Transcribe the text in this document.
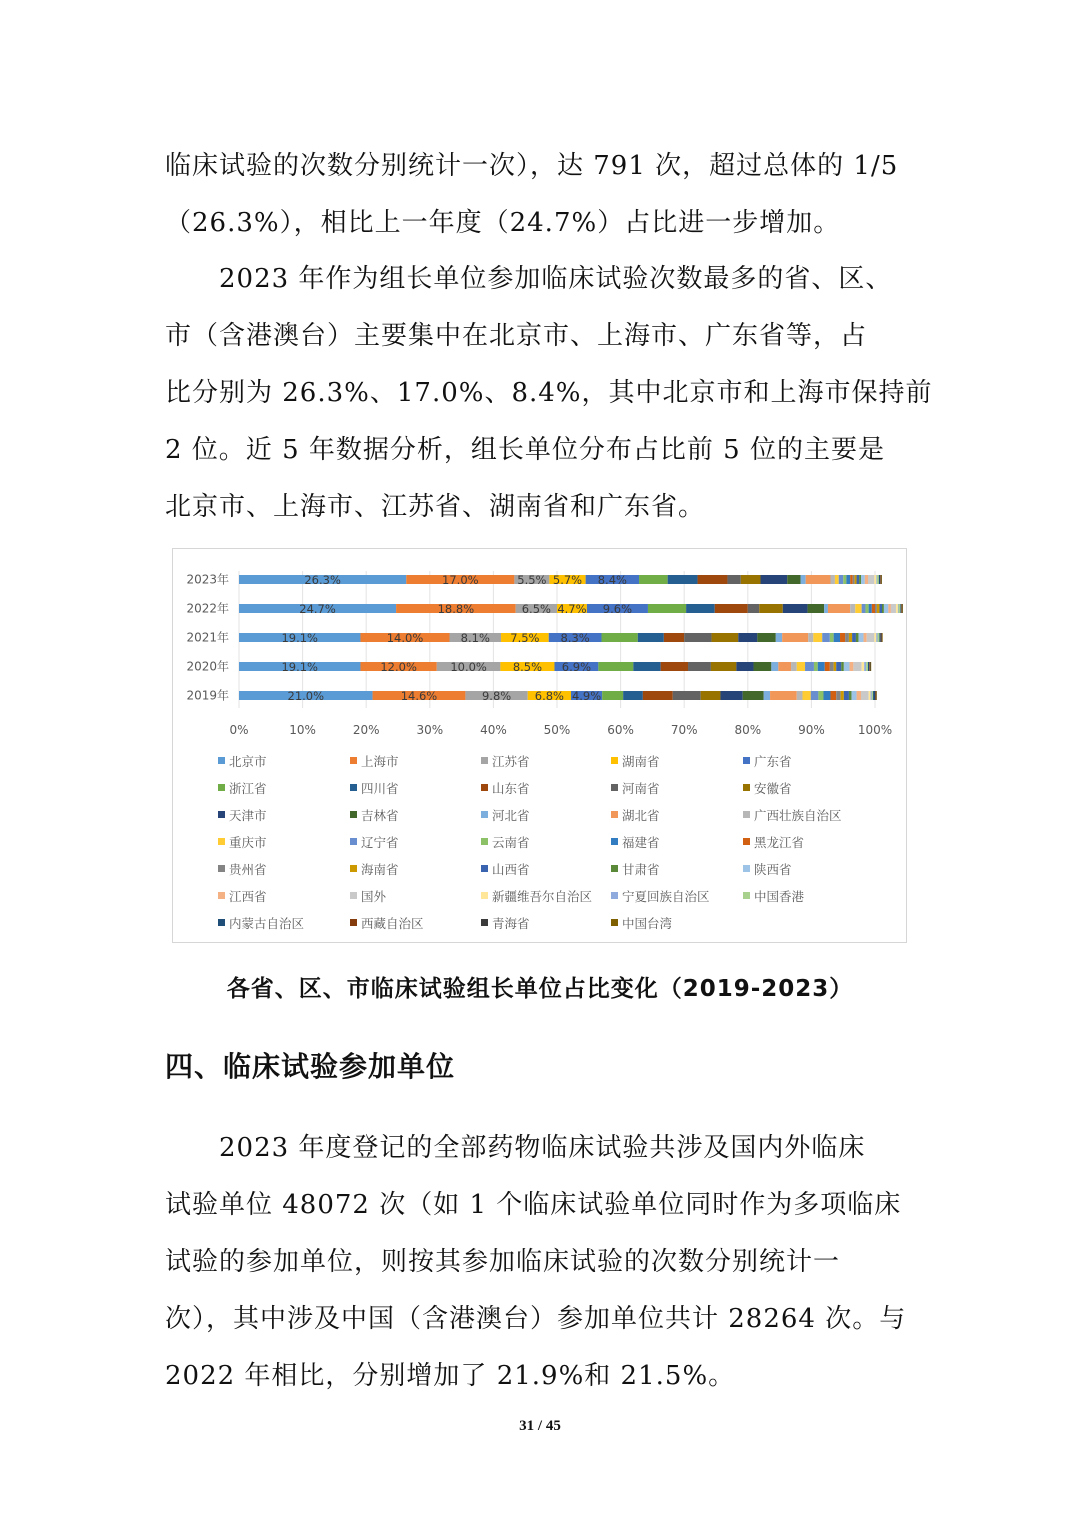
临床试验的次数分别统计一次），达 791 次，超过总体的 1/5
（26.3%），相比上一年度（24.7%）占比进一步增加。

　　2023 年作为组长单位参加临床试验次数最多的省、区、
市（含港澳台）主要集中在北京市、上海市、广东省等，占
比分别为 26.3%、17.0%、8.4%，其中北京市和上海市保持前
2 位。近 5 年数据分析，组长单位分布占比前 5 位的主要是
北京市、上海市、江苏省、湖南省和广东省。

2023年	26.3%	17.0%	5.5% 5.7% 8.4%
2022年	24.7%	18.8%	6.5% 4.7% 9.6%
2021年	19.1%	14.0%	8.1% 7.5% 8.3%
2020年	19.1%	12.0%	10.0% 8.5% 6.9%
2019年	21.0%	14.6%	9.8% 6.8% 4.9%
0%	10%	20%	30%	40%	50%	60%	70%	80%	90%	100%
北京市	上海市	江苏省	湖南省	广东省
浙江省	四川省	山东省	河南省	安徽省
天津市	吉林省	河北省	湖北省	广西壮族自治区
重庆市	辽宁省	云南省	福建省	黑龙江省
贵州省	海南省	山西省	甘肃省	陕西省
江西省	国外	新疆维吾尔自治区 宁夏回族自治区	中国香港
内蒙古自治区	西藏自治区	青海省	中国台湾
各省、区、市临床试验组长单位占比变化（2019-2023）
四、临床试验参加单位

　　2023 年度登记的全部药物临床试验共涉及国内外临床
试验单位 48072 次（如 1 个临床试验单位同时作为多项临床
试验的参加单位，则按其参加临床试验的次数分别统计一
次），其中涉及中国（含港澳台）参加单位共计 28264 次。与
2022 年相比，分别增加了 21.9%和 21.5%。

31 / 45
